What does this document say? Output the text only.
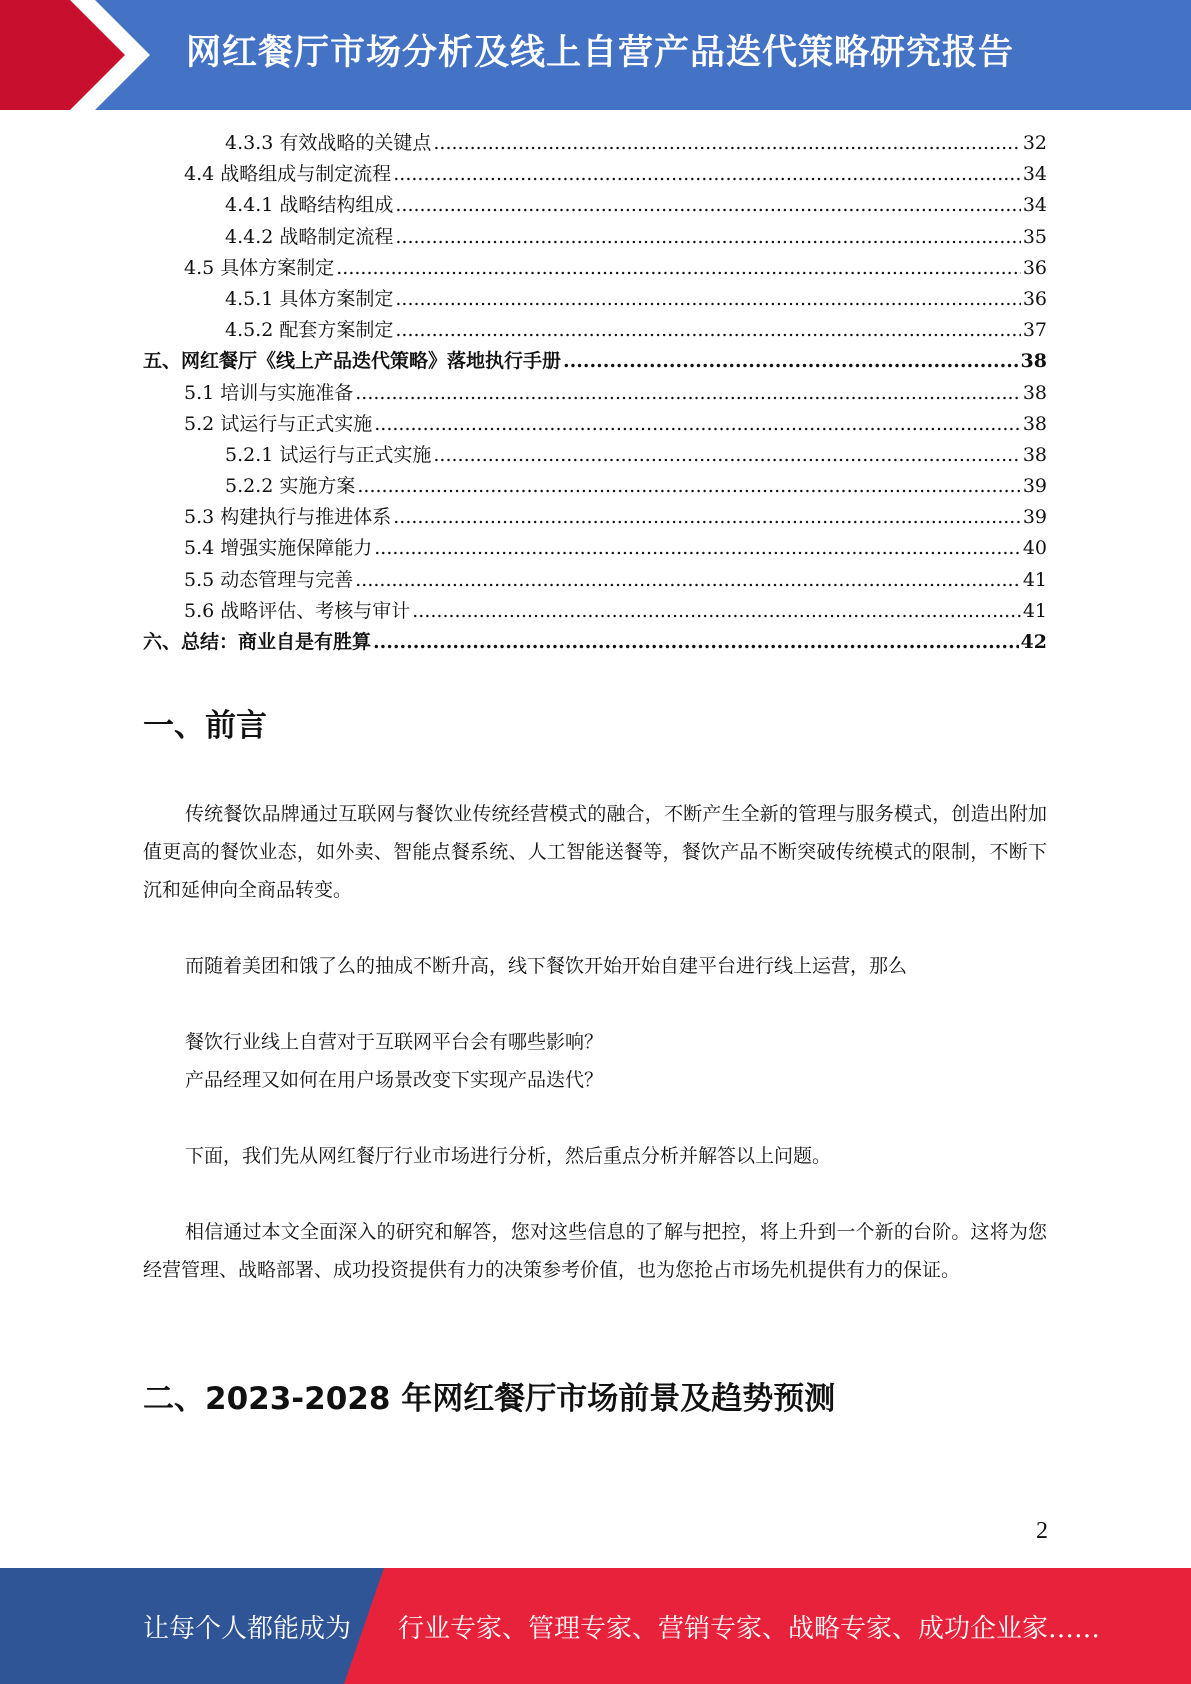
网红餐厅市场分析及线上自营产品迭代策略研究报告
4.3.3 有效战略的关键点 .....	32
4.4 战略组成与制定流程 .....	34
4.4.1 战略结构组成 .....	34
4.4.2 战略制定流程 .....	35
4.5 具体方案制定 .....	36
4.5.1 具体方案制定 .....	36
4.5.2 配套方案制定 .....	37
五、网红餐厅《线上产品迭代策略》落地执行手册 .....	38
5.1 培训与实施准备 .....	38
5.2 试运行与正式实施 .....	38
5.2.1 试运行与正式实施 .....	38
5.2.2 实施方案 .....	39
5.3 构建执行与推进体系 .....	39
5.4 增强实施保障能力 .....	40
5.5 动态管理与完善 .....	41
5.6 战略评估、考核与审计 .....	41
六、总结：商业自是有胜算 .....	42
一、前言

传统餐饮品牌通过互联网与餐饮业传统经营模式的融合，不断产生全新的管理与服务模式，创造出附加值更高的餐饮业态，如外卖、智能点餐系统、人工智能送餐等，餐饮产品不断突破传统模式的限制，不断下沉和延伸向全商品转变。

而随着美团和饿了么的抽成不断升高，线下餐饮开始开始自建平台进行线上运营，那么

餐饮行业线上自营对于互联网平台会有哪些影响？

产品经理又如何在用户场景改变下实现产品迭代？

下面，我们先从网红餐厅行业市场进行分析，然后重点分析并解答以上问题。

相信通过本文全面深入的研究和解答，您对这些信息的了解与把控，将上升到一个新的台阶。这将为您经营管理、战略部署、成功投资提供有力的决策参考价值，也为您抢占市场先机提供有力的保证。

二、2023-2028 年网红餐厅市场前景及趋势预测
2
让每个人都能成为 行业专家、管理专家、营销专家、战略专家、成功企业家……
